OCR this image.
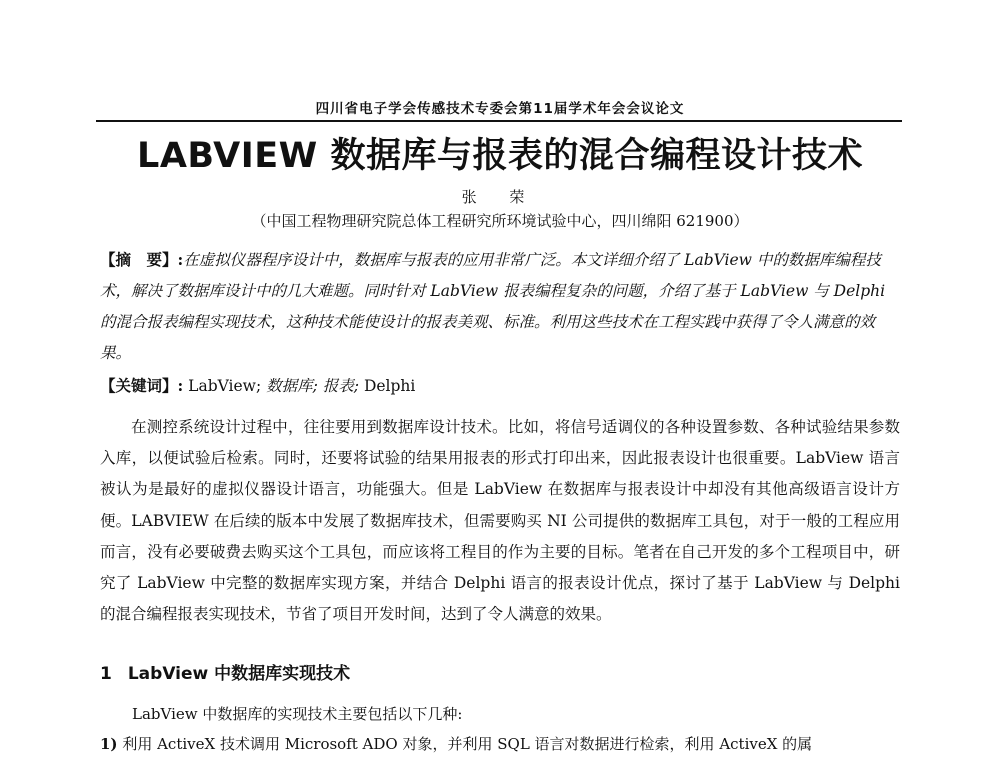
四川省电子学会传感技术专委会第11届学术年会会议论文
LABVIEW 数据库与报表的混合编程设计技术
张 荣
（中国工程物理研究院总体工程研究所环境试验中心，四川绵阳 621900）
【摘　要】:在虚拟仪器程序设计中，数据库与报表的应用非常广泛。本文详细介绍了 LabView 中的数据库编程技术，解决了数据库设计中的几大难题。同时针对 LabView 报表编程复杂的问题，介绍了基于 LabView 与 Delphi 的混合报表编程实现技术，这种技术能使设计的报表美观、标准。利用这些技术在工程实践中获得了令人满意的效果。
【关键词】: LabView; 数据库; 报表; Delphi
在测控系统设计过程中，往往要用到数据库设计技术。比如，将信号适调仪的各种设置参数、各种试验结果参数入库，以便试验后检索。同时，还要将试验的结果用报表的形式打印出来，因此报表设计也很重要。LabView 语言被认为是最好的虚拟仪器设计语言，功能强大。但是 LabView 在数据库与报表设计中却没有其他高级语言设计方便。LABVIEW 在后续的版本中发展了数据库技术，但需要购买 NI 公司提供的数据库工具包，对于一般的工程应用而言，没有必要破费去购买这个工具包，而应该将工程目的作为主要的目标。笔者在自己开发的多个工程项目中，研究了 LabView 中完整的数据库实现方案，并结合 Delphi 语言的报表设计优点，探讨了基于 LabView 与 Delphi 的混合编程报表实现技术，节省了项目开发时间，达到了令人满意的效果。
1 LabView 中数据库实现技术
LabView 中数据库的实现技术主要包括以下几种:
1) 利用 ActiveX 技术调用 Microsoft ADO 对象，并利用 SQL 语言对数据进行检索，利用 ActiveX 的属
